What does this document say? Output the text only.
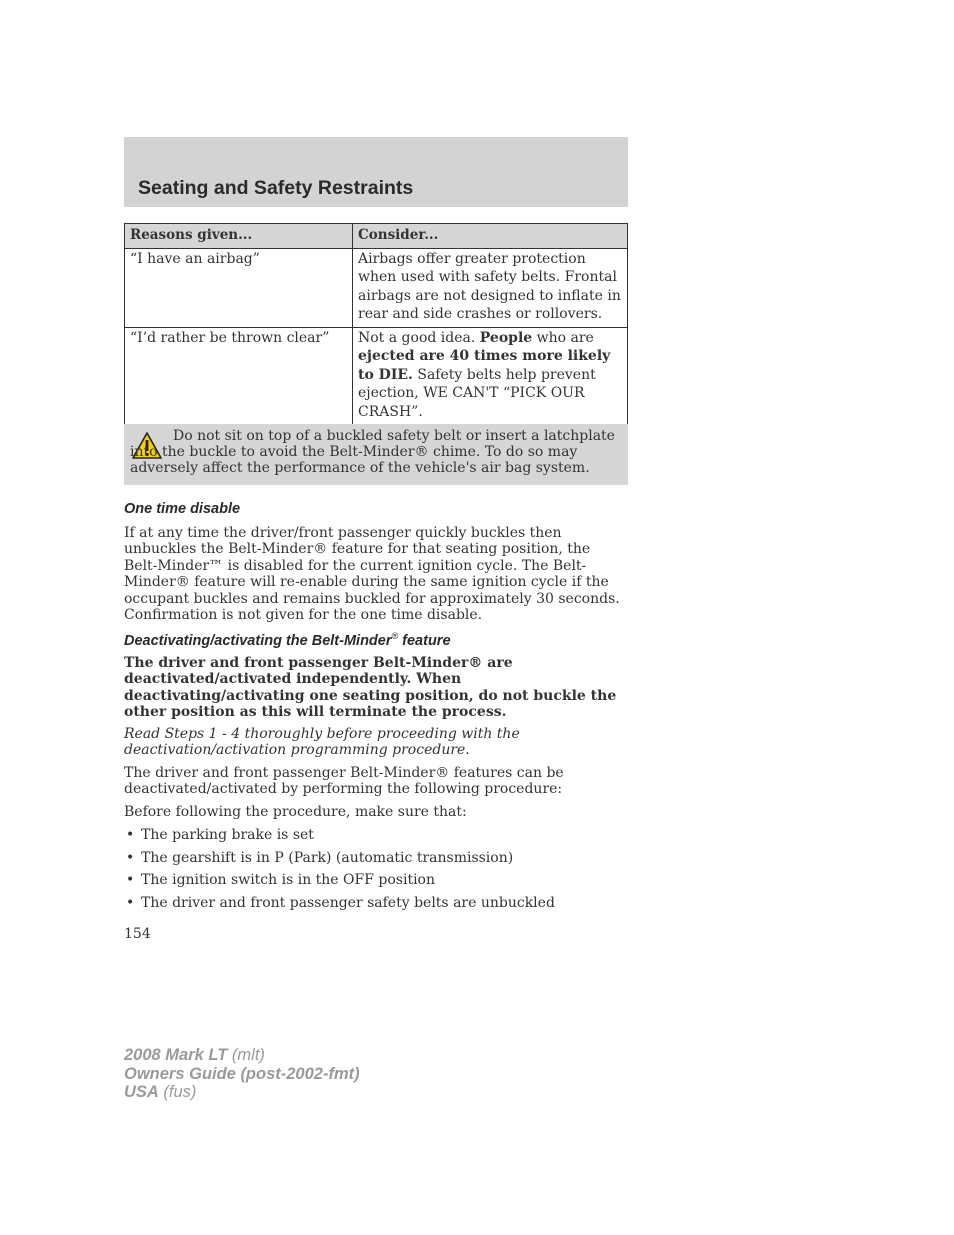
Seating and Safety Restraints
Reasons given...	Consider...
“I have an airbag”	Airbags offer greater protection when used with safety belts. Frontal airbags are not designed to inflate in rear and side crashes or rollovers.
“I’d rather be thrown clear”	Not a good idea. People who are ejected are 40 times more likely to DIE. Safety belts help prevent ejection, WE CAN'T “PICK OUR CRASH”.

Do not sit on top of a buckled safety belt or insert a latchplate into the buckle to avoid the Belt-Minder® chime. To do so may adversely affect the performance of the vehicle's air bag system.

One time disable

If at any time the driver/front passenger quickly buckles then unbuckles the Belt-Minder® feature for that seating position, the Belt-Minder™ is disabled for the current ignition cycle. The Belt-Minder® feature will re-enable during the same ignition cycle if the occupant buckles and remains buckled for approximately 30 seconds. Confirmation is not given for the one time disable.

Deactivating/activating the Belt-Minder® feature

The driver and front passenger Belt-Minder® are deactivated/activated independently. When deactivating/activating one seating position, do not buckle the other position as this will terminate the process.

Read Steps 1 - 4 thoroughly before proceeding with the deactivation/activation programming procedure.

The driver and front passenger Belt-Minder® features can be deactivated/activated by performing the following procedure:

Before following the procedure, make sure that:

• The parking brake is set
• The gearshift is in P (Park) (automatic transmission)
• The ignition switch is in the OFF position
• The driver and front passenger safety belts are unbuckled
154
2008 Mark LT (mlt)
Owners Guide (post-2002-fmt)
USA (fus)
